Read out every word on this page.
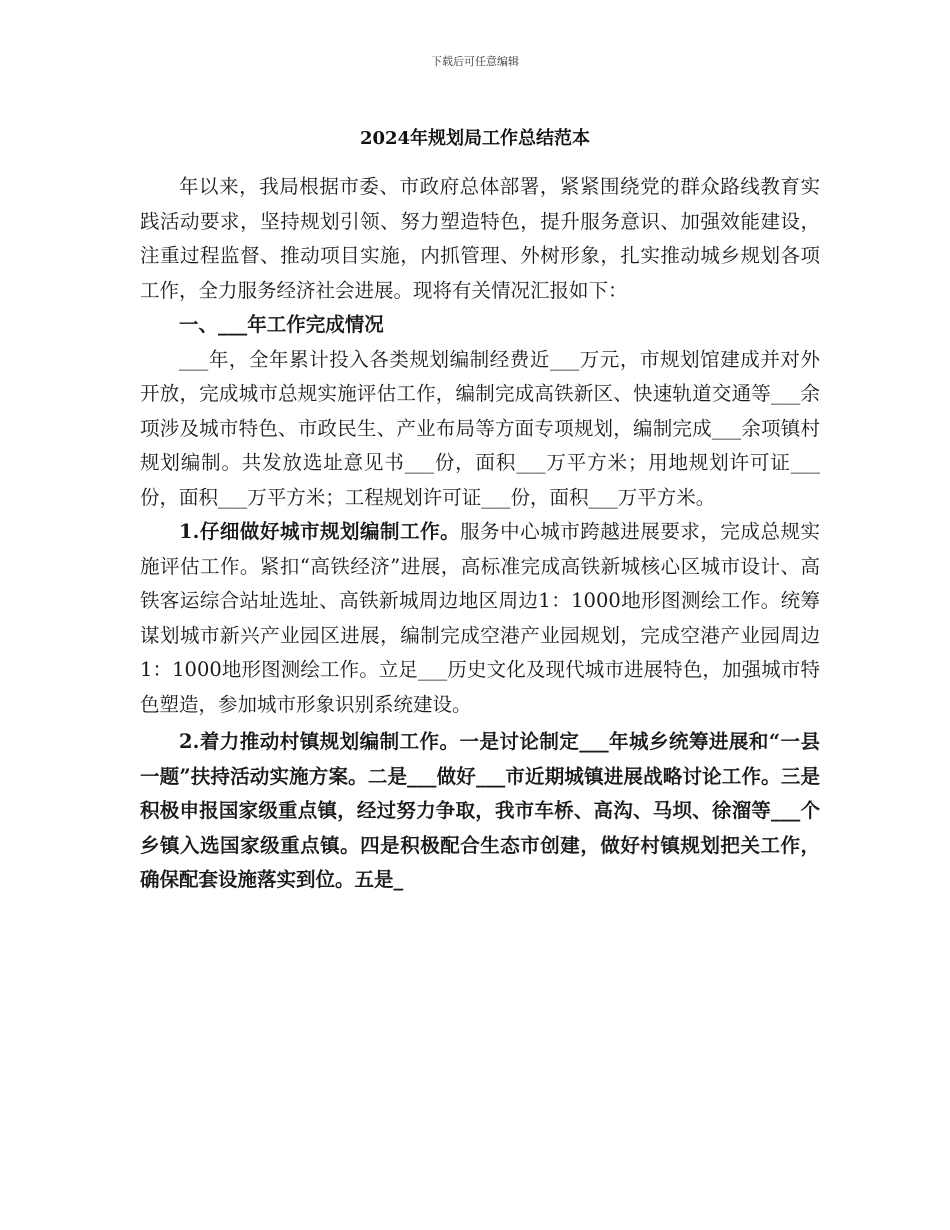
下载后可任意编辑
2024年规划局工作总结范本

年以来，我局根据市委、市政府总体部署，紧紧围绕党的群众路线教育实践活动要求，坚持规划引领、努力塑造特色，提升服务意识、加强效能建设，注重过程监督、推动项目实施，内抓管理、外树形象，扎实推动城乡规划各项工作，全力服务经济社会进展。现将有关情况汇报如下：

一、___年工作完成情况

___年，全年累计投入各类规划编制经费近___万元，市规划馆建成并对外开放，完成城市总规实施评估工作，编制完成高铁新区、快速轨道交通等___余项涉及城市特色、市政民生、产业布局等方面专项规划，编制完成___余项镇村规划编制。共发放选址意见书___份，面积___万平方米；用地规划许可证___份，面积___万平方米；工程规划许可证___份，面积___万平方米。

1.仔细做好城市规划编制工作。服务中心城市跨越进展要求，完成总规实施评估工作。紧扣“高铁经济”进展，高标准完成高铁新城核心区城市设计、高铁客运综合站址选址、高铁新城周边地区周边1：1000地形图测绘工作。统筹谋划城市新兴产业园区进展，编制完成空港产业园规划，完成空港产业园周边1：1000地形图测绘工作。立足___历史文化及现代城市进展特色，加强城市特色塑造，参加城市形象识别系统建设。

2.着力推动村镇规划编制工作。一是讨论制定___年城乡统筹进展和“一县一题”扶持活动实施方案。二是___做好___市近期城镇进展战略讨论工作。三是积极申报国家级重点镇，经过努力争取，我市车桥、高沟、马坝、徐溜等___个乡镇入选国家级重点镇。四是积极配合生态市创建，做好村镇规划把关工作，确保配套设施落实到位。五是_
